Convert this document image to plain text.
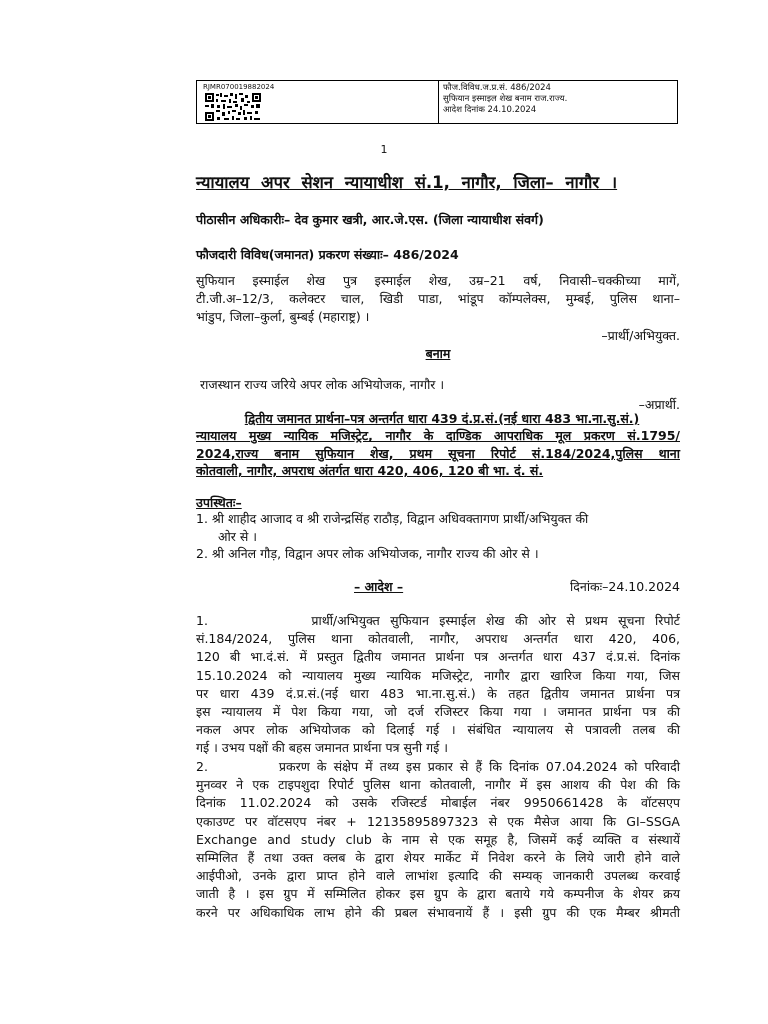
RJMR070019882024	फौज.विविध.ज.प्र.सं. 486/2024
सुफियान इस्माइल शेख बनाम राज.राज्य.
आदेश दिनांक 24.10.2024
1
न्यायालय अपर सेशन न्यायाधीश सं.1, नागौर, जिला– नागौर ।
पीठासीन अधिकारीः– देव कुमार खत्री, आर.जे.एस. (जिला न्यायाधीश संवर्ग)
फौजदारी विविध(जमानत) प्रकरण संख्याः– 486/2024
सुफियान इस्माईल शेख पुत्र इस्माईल शेख, उम्र–21 वर्ष, निवासी–चक्कीच्या मागें,
टी.जी.अ–12/3, कलेक्टर चाल, खिडी पाडा, भांडूप कॉम्पलेक्स, मुम्बई, पुलिस थाना–
भांडुप, जिला–कुर्ला, बुम्बई (महाराष्ट्र) ।
–प्रार्थी/अभियुक्त.
बनाम
राजस्थान राज्य जरिये अपर लोक अभियोजक, नागौर ।
–अप्रार्थी.
द्वितीय जमानत प्रार्थना–पत्र अन्तर्गत धारा 439 दं.प्र.सं.(नई धारा 483 भा.ना.सु.सं.)
न्यायालय मुख्य न्यायिक मजिस्ट्रेट, नागौर के दाण्डिक आपराधिक मूल प्रकरण सं.1795/
2024,राज्य बनाम सुफियान शेख, प्रथम सूचना रिपोर्ट सं.184/2024,पुलिस थाना
कोतवाली, नागौर, अपराध अंतर्गत धारा 420, 406, 120 बी भा. दं. सं.
उपस्थितः–
1. श्री शाहीद आजाद व श्री राजेन्द्रसिंह राठौड़, विद्वान अधिवक्तागण प्रार्थी/अभियुक्त की
ओर से ।
2. श्री अनिल गौड़, विद्वान अपर लोक अभियोजक, नागौर राज्य की ओर से ।
– आदेश –	दिनांकः–24.10.2024
1.          प्रार्थी/अभियुक्त सुफियान इस्माईल शेख की ओर से प्रथम सूचना रिपोर्ट
सं.184/2024, पुलिस थाना कोतवाली, नागौर, अपराध अन्तर्गत धारा 420, 406,
120 बी भा.दं.सं. में प्रस्तुत द्वितीय जमानत प्रार्थना पत्र अन्तर्गत धारा 437 दं.प्र.सं. दिनांक
15.10.2024 को न्यायालय मुख्य न्यायिक मजिस्ट्रेट, नागौर द्वारा खारिज किया गया, जिस
पर धारा 439 दं.प्र.सं.(नई धारा 483 भा.ना.सु.सं.) के तहत द्वितीय जमानत प्रार्थना पत्र
इस न्यायालय में पेश किया गया, जो दर्ज रजिस्टर किया गया । जमानत प्रार्थना पत्र की
नकल अपर लोक अभियोजक को दिलाई गई । संबंधित न्यायालय से पत्रावली तलब की
गई । उभय पक्षों की बहस जमानत प्रार्थना पत्र सुनी गई ।
2.          प्रकरण के संक्षेप में तथ्य इस प्रकार से हैं कि दिनांक 07.04.2024 को परिवादी
मुनव्वर ने एक टाइपशुदा रिपोर्ट पुलिस थाना कोतवाली, नागौर में इस आशय की पेश की कि
दिनांक 11.02.2024 को उसके रजिस्टर्ड मोबाईल नंबर 9950661428 के वॉटसएप
एकाउण्ट पर वॉटसएप नंबर + 12135895897323 से एक मैसेज आया कि GI–SSGA
Exchange and study club के नाम से एक समूह है, जिसमें कई व्यक्ति व संस्थायें
सम्मिलित हैं तथा उक्त क्लब के द्वारा शेयर मार्केट में निवेश करने के लिये जारी होने वाले
आईपीओ, उनके द्वारा प्राप्त होने वाले लाभांश इत्यादि की सम्यक् जानकारी उपलब्ध करवाई
जाती है । इस ग्रुप में सम्मिलित होकर इस ग्रुप के द्वारा बताये गये कम्पनीज के शेयर क्रय
करने पर अधिकाधिक लाभ होने की प्रबल संभावनायें हैं । इसी ग्रुप की एक मैम्बर श्रीमती
